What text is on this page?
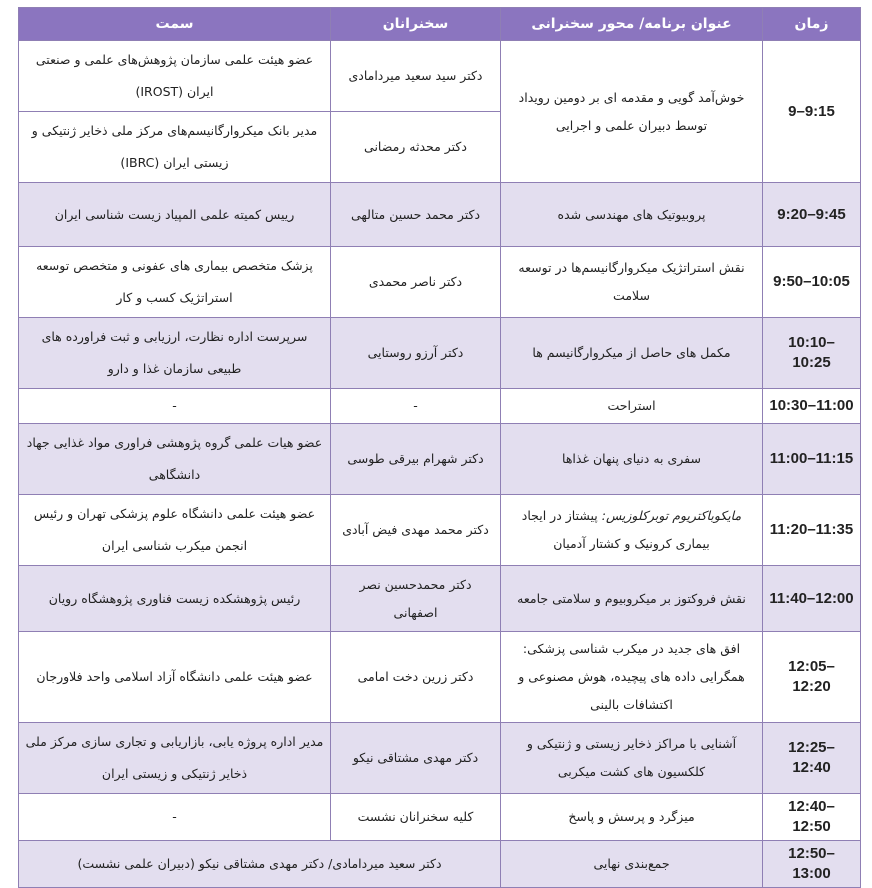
زمان	عنوان برنامه/ محور سخنرانی	سخنرانان	سمت
9–9:15	خوش‌آمد گویی و مقدمه ای بر دومین رویداد توسط دبیران علمی و اجرایی	دکتر سید سعید میردامادی	عضو هیئت علمی سازمان پژوهش‌های علمی و صنعتی ایران (IROST)
		دکتر محدثه رمضانی	مدیر بانک میکروارگانیسم‌های مرکز ملی ذخایر ژنتیکی و زیستی ایران (IBRC)
9:20–9:45	پروبیوتیک های مهندسی شده	دکتر محمد حسین متالهی	رییس کمیته علمی المپیاد زیست شناسی ایران
9:50–10:05	نقش استراتژیک میکروارگانیسم‌ها در توسعه سلامت	دکتر ناصر محمدی	پزشک متخصص بیماری های عفونی و متخصص توسعه استراتژیک کسب و کار
10:10–10:25	مکمل های حاصل از میکروارگانیسم ها	دکتر آرزو روستایی	سرپرست اداره نظارت، ارزیابی و ثبت فراورده های طبیعی سازمان غذا و دارو
10:30–11:00	استراحت	-	-
11:00–11:15	سفری به دنیای پنهان غذاها	دکتر شهرام بیرقی طوسی	عضو هیات علمی گروه پژوهشی فراوری مواد غذایی جهاد دانشگاهی
11:20–11:35	مایکوباکتریوم توبرکلوزیس: پیشتاز در ایجاد بیماری کرونیک و کشتار آدمیان	دکتر محمد مهدی فیض آبادی	عضو هیئت علمی دانشگاه علوم پزشکی تهران و رئیس انجمن میکرب شناسی ایران
11:40–12:00	نقش فروکتوز بر میکروبیوم و سلامتی جامعه	دکتر محمدحسین نصر اصفهانی	رئیس پژوهشکده زیست فناوری پژوهشگاه رویان
12:05–12:20	افق های جدید در میکرب شناسی پزشکی: همگرایی داده های پیچیده، هوش مصنوعی و اکتشافات بالینی	دکتر زرین دخت امامی	عضو هیئت علمی دانشگاه آزاد اسلامی واحد فلاورجان
12:25–12:40	آشنایی با مراکز ذخایر زیستی و ژنتیکی و کلکسیون های کشت میکربی	دکتر مهدی مشتاقی نیکو	مدیر اداره پروژه یابی، بازاریابی و تجاری سازی مرکز ملی ذخایر ژنتیکی و زیستی ایران
12:40–12:50	میزگرد و پرسش و پاسخ	کلیه سخنرانان نشست	-
12:50–13:00	جمع‌بندی نهایی	دکتر سعید میردامادی/ دکتر مهدی مشتاقی نیکو (دبیران علمی نشست)	
